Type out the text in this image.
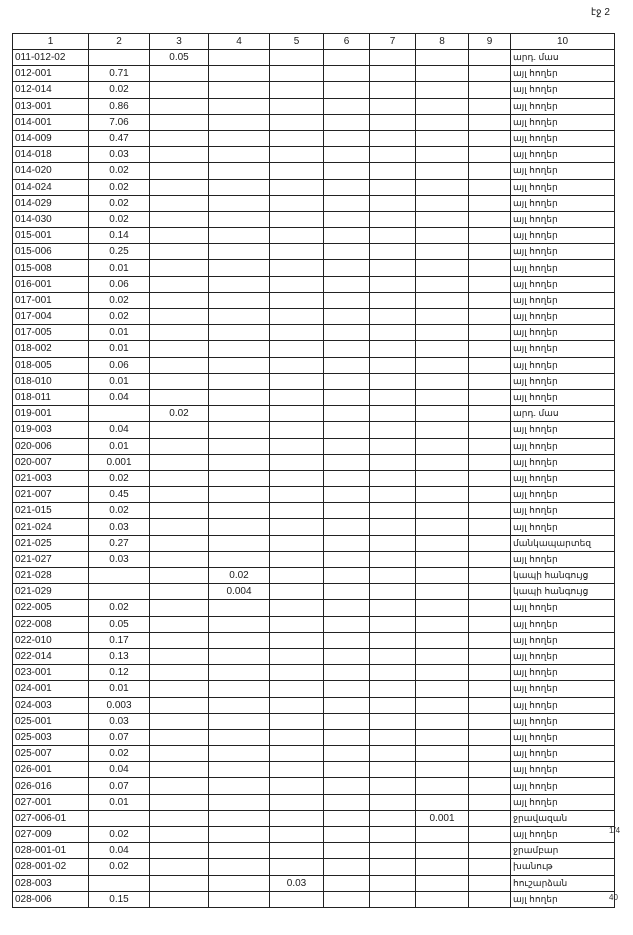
էջ 2
1/4
40
1	2	3	4	5	6	7	8	9	10
011-012-02		0.05							արդ. մաս
012-001	0.71								այլ հողեր
012-014	0.02								այլ հողեր
013-001	0.86								այլ հողեր
014-001	7.06								այլ հողեր
014-009	0.47								այլ հողեր
014-018	0.03								այլ հողեր
014-020	0.02								այլ հողեր
014-024	0.02								այլ հողեր
014-029	0.02								այլ հողեր
014-030	0.02								այլ հողեր
015-001	0.14								այլ հողեր
015-006	0.25								այլ հողեր
015-008	0.01								այլ հողեր
016-001	0.06								այլ հողեր
017-001	0.02								այլ հողեր
017-004	0.02								այլ հողեր
017-005	0.01								այլ հողեր
018-002	0.01								այլ հողեր
018-005	0.06								այլ հողեր
018-010	0.01								այլ հողեր
018-011	0.04								այլ հողեր
019-001		0.02							արդ. մաս
019-003	0.04								այլ հողեր
020-006	0.01								այլ հողեր
020-007	0.001								այլ հողեր
021-003	0.02								այլ հողեր
021-007	0.45								այլ հողեր
021-015	0.02								այլ հողեր
021-024	0.03								այլ հողեր
021-025	0.27								մանկապարտեզ
021-027	0.03								այլ հողեր
021-028			0.02						կապի հանգույց
021-029			0.004						կապի հանգույց
022-005	0.02								այլ հողեր
022-008	0.05								այլ հողեր
022-010	0.17								այլ հողեր
022-014	0.13								այլ հողեր
023-001	0.12								այլ հողեր
024-001	0.01								այլ հողեր
024-003	0.003								այլ հողեր
025-001	0.03								այլ հողեր
025-003	0.07								այլ հողեր
025-007	0.02								այլ հողեր
026-001	0.04								այլ հողեր
026-016	0.07								այլ հողեր
027-001	0.01								այլ հողեր
027-006-01							0.001		ջրավազան
027-009	0.02								այլ հողեր
028-001-01	0.04								ջրամբար
028-001-02	0.02								խանութ
028-003				0.03					հուշարձան
028-006	0.15								այլ հողեր
